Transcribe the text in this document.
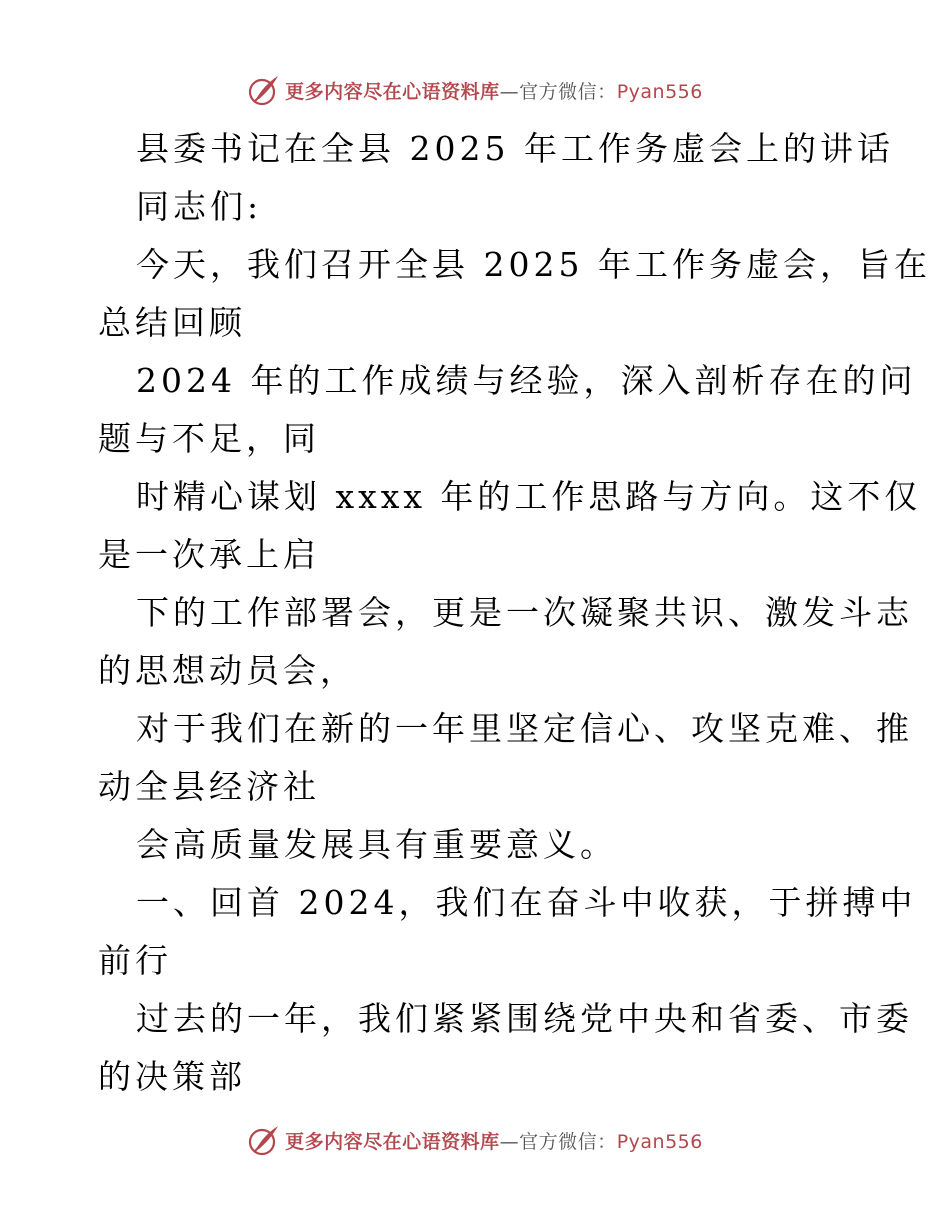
更多内容尽在心语资料库—官方微信：Pyan556
县委书记在全县 2025 年工作务虚会上的讲话
同志们:
今天，我们召开全县 2025 年工作务虚会，旨在
总结回顾
2024 年的工作成绩与经验，深入剖析存在的问
题与不足，同
时精心谋划 xxxx 年的工作思路与方向。这不仅
是一次承上启
下的工作部署会，更是一次凝聚共识、激发斗志
的思想动员会，
对于我们在新的一年里坚定信心、攻坚克难、推
动全县经济社
会高质量发展具有重要意义。
一、回首 2024，我们在奋斗中收获，于拼搏中
前行
过去的一年，我们紧紧围绕党中央和省委、市委
的决策部
更多内容尽在心语资料库—官方微信：Pyan556
